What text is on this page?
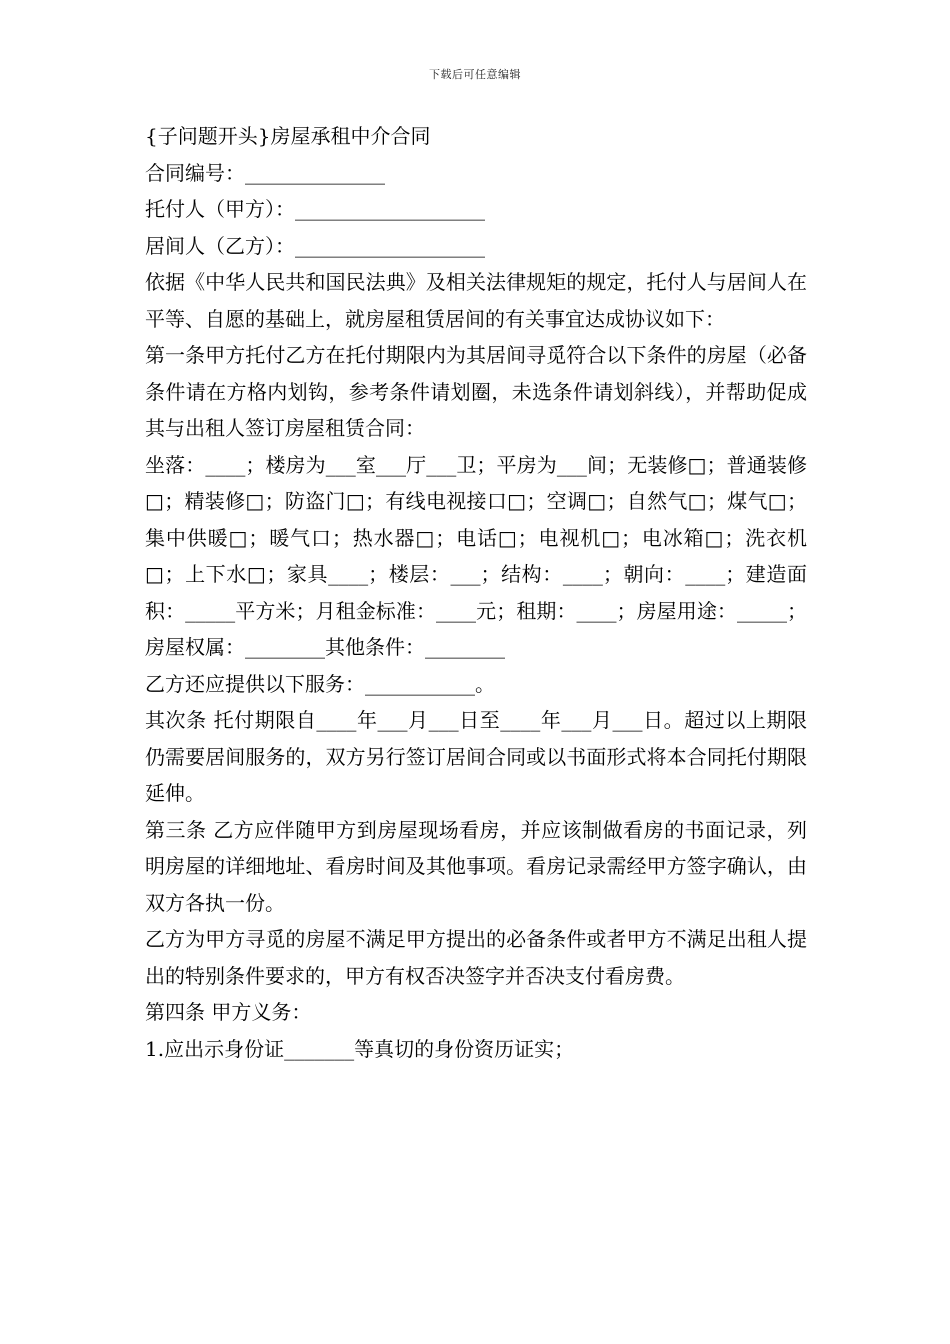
下载后可任意编辑

{子问题开头}房屋承租中介合同

合同编号：______________

托付人（甲方）：___________________

居间人（乙方）：___________________

依据《中华人民共和国民法典》及相关法律规矩的规定，托付人与居间人在平等、自愿的基础上，就房屋租赁居间的有关事宜达成协议如下：

第一条甲方托付乙方在托付期限内为其居间寻觅符合以下条件的房屋（必备条件请在方格内划钩，参考条件请划圈，未选条件请划斜线），并帮助促成其与出租人签订房屋租赁合同：

坐落：____；楼房为___室___厅___卫；平房为___间；无装修□；普通装修□；精装修□；防盗门□；有线电视接口□；空调□；自然气□；煤气□；集中供暖□；暖气口；热水器□；电话□；电视机□；电冰箱□；洗衣机□；上下水□；家具____；楼层：___；结构：____；朝向：____；建造面积：_____平方米；月租金标准：____元；租期：____；房屋用途：_____；房屋权属：________其他条件：________

乙方还应提供以下服务：___________。

其次条 托付期限自____年___月___日至____年___月___日。超过以上期限仍需要居间服务的，双方另行签订居间合同或以书面形式将本合同托付期限延伸。

第三条 乙方应伴随甲方到房屋现场看房，并应该制做看房的书面记录，列明房屋的详细地址、看房时间及其他事项。看房记录需经甲方签字确认，由双方各执一份。

乙方为甲方寻觅的房屋不满足甲方提出的必备条件或者甲方不满足出租人提出的特别条件要求的，甲方有权否决签字并否决支付看房费。

第四条 甲方义务：

1.应出示身份证_______等真切的身份资历证实；
